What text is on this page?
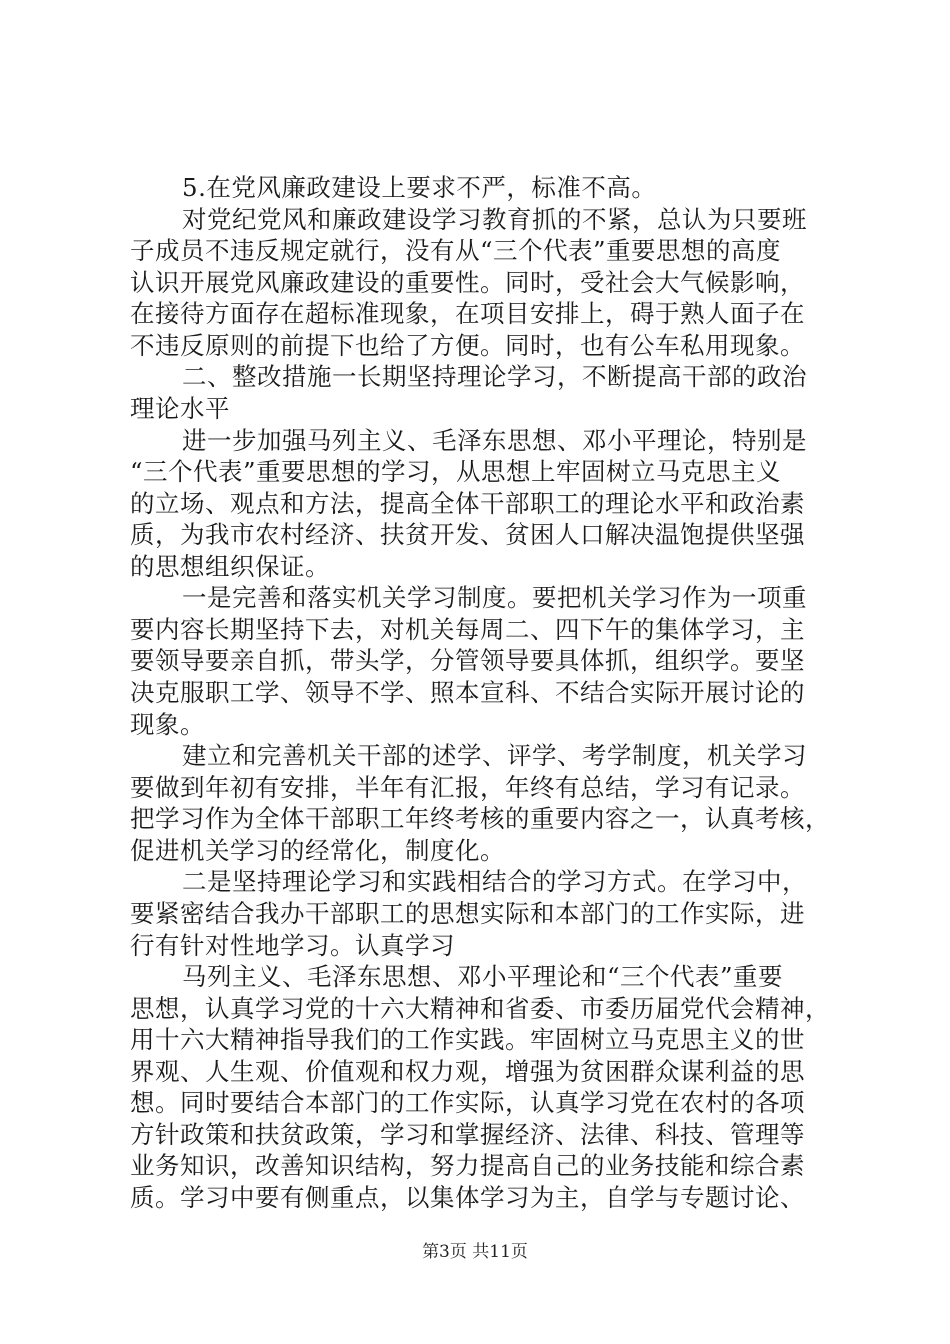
5.在党风廉政建设上要求不严，标准不高。
对党纪党风和廉政建设学习教育抓的不紧，总认为只要班
子成员不违反规定就行，没有从“三个代表”重要思想的高度
认识开展党风廉政建设的重要性。同时，受社会大气候影响，
在接待方面存在超标准现象，在项目安排上，碍于熟人面子在
不违反原则的前提下也给了方便。同时，也有公车私用现象。
二、整改措施一长期坚持理论学习，不断提高干部的政治
理论水平
进一步加强马列主义、毛泽东思想、邓小平理论，特别是
“三个代表”重要思想的学习，从思想上牢固树立马克思主义
的立场、观点和方法，提高全体干部职工的理论水平和政治素
质，为我市农村经济、扶贫开发、贫困人口解决温饱提供坚强
的思想组织保证。
一是完善和落实机关学习制度。要把机关学习作为一项重
要内容长期坚持下去，对机关每周二、四下午的集体学习，主
要领导要亲自抓，带头学，分管领导要具体抓，组织学。要坚
决克服职工学、领导不学、照本宣科、不结合实际开展讨论的
现象。
建立和完善机关干部的述学、评学、考学制度，机关学习
要做到年初有安排，半年有汇报，年终有总结，学习有记录。
把学习作为全体干部职工年终考核的重要内容之一，认真考核，
促进机关学习的经常化，制度化。
二是坚持理论学习和实践相结合的学习方式。在学习中，
要紧密结合我办干部职工的思想实际和本部门的工作实际，进
行有针对性地学习。认真学习
马列主义、毛泽东思想、邓小平理论和“三个代表”重要
思想，认真学习党的十六大精神和省委、市委历届党代会精神，
用十六大精神指导我们的工作实践。牢固树立马克思主义的世
界观、人生观、价值观和权力观，增强为贫困群众谋利益的思
想。同时要结合本部门的工作实际，认真学习党在农村的各项
方针政策和扶贫政策，学习和掌握经济、法律、科技、管理等
业务知识，改善知识结构，努力提高自己的业务技能和综合素
质。学习中要有侧重点，以集体学习为主，自学与专题讨论、
第3页 共11页
